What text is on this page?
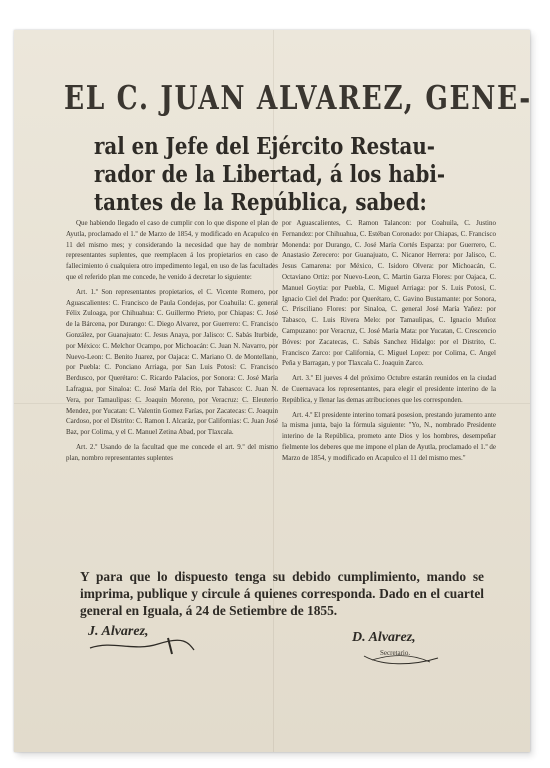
EL C. JUAN ALVAREZ, GENE-
ral en Jefe del Ejército Restau-
rador de la Libertad, á los habi-
tantes de la República, sabed:

Que habiendo llegado el caso de cumplir con lo que dispone el plan de Ayutla, proclamado el 1.º de Marzo de 1854, y modificado en Acapulco en 11 del mismo mes; y considerando la necesidad que hay de nombrar representantes suplentes, que reemplacen á los propietarios en caso de fallecimiento ó cualquiera otro impedimento legal, en uso de las facultades que el referido plan me concede, he venido á decretar lo siguiente:

Art. 1.º Son representantes propietarios, el C. Vicente Romero, por Aguascalientes: C. Francisco de Paula Condejas, por Coahuila: C. general Félix Zuloaga, por Chihuahua: C. Guillermo Prieto, por Chiapas: C. José de la Bárcena, por Durango: C. Diego Alvarez, por Guerrero: C. Francisco González, por Guanajuato: C. Jesus Anaya, por Jalisco: C. Sabás Iturbide, por México: C. Melchor Ocampo, por Michoacán: C. Juan N. Navarro, por Nuevo-Leon: C. Benito Juarez, por Oajaca: C. Mariano O. de Montellano, por Puebla: C. Ponciano Arriaga, por San Luis Potosí: C. Francisco Berdusco, por Querétaro: C. Ricardo Palacios, por Sonora: C. José María Lafragua, por Sinaloa: C. José María del Rio, por Tabasco: C. Juan N. Vera, por Tamaulipas: C. Joaquin Moreno, por Veracruz: C. Eleuterio Mendez, por Yucatan: C. Valentin Gomez Farías, por Zacatecas: C. Joaquin Cardoso, por el Distrito: C. Ramon I. Alcaráz, por Californias: C. Juan José Baz, por Colima, y el C. Manuel Zetina Abad, por Tlaxcala.

Art. 2.º Usando de la facultad que me concede el art. 9.º del mismo plan, nombro representantes suplentes

por Aguascalientes, C. Ramon Talancon: por Coahuila, C. Justino Fernandez: por Chihuahua, C. Estéban Coronado: por Chiapas, C. Francisco Monenda: por Durango, C. José María Cortés Esparza: por Guerrero, C. Anastasio Zerecero: por Guanajuato, C. Nicanor Herrera: por Jalisco, C. Jesus Camarena: por México, C. Isidoro Olvera: por Michoacán, C. Octaviano Ortiz: por Nuevo-Leon, C. Martin Garza Flores: por Oajaca, C. Manuel Goytia: por Puebla, C. Miguel Arriaga: por S. Luis Potosí, C. Ignacio Ciel del Prado: por Querétaro, C. Gavino Bustamante: por Sonora, C. Prisciliano Flores: por Sinaloa, C. general José María Yañez: por Tabasco, C. Luis Rivera Melo: por Tamaulipas, C. Ignacio Muñoz Campuzano: por Veracruz, C. José María Mata: por Yucatan, C. Crescencio Bóves: por Zacatecas, C. Sabás Sanchez Hidalgo: por el Distrito, C. Francisco Zarco: por California, C. Miguel Lopez: por Colima, C. Angel Peña y Barragan, y por Tlaxcala C. Joaquin Zarco.

Art. 3.º El jueves 4 del próximo Octubre estarán reunidos en la ciudad de Cuernavaca los representantes, para elegir el presidente interino de la República, y llenar las demas atribuciones que les corresponden.

Art. 4.º El presidente interino tomará posesion, prestando juramento ante la misma junta, bajo la fórmula siguiente: "Yo, N., nombrado Presidente interino de la República, prometo ante Dios y los hombres, desempeñar fielmente los deberes que me impone el plan de Ayutla, proclamado el 1.º de Marzo de 1854, y modificado en Acapulco el 11 del mismo mes."

Y para que lo dispuesto tenga su debido cumplimiento, mando se imprima, publique y circule á quienes corresponda. Dado en el cuartel general en Iguala, á 24 de Setiembre de 1855.
J. Alvarez,	D. Alvarez,
Secretario.
